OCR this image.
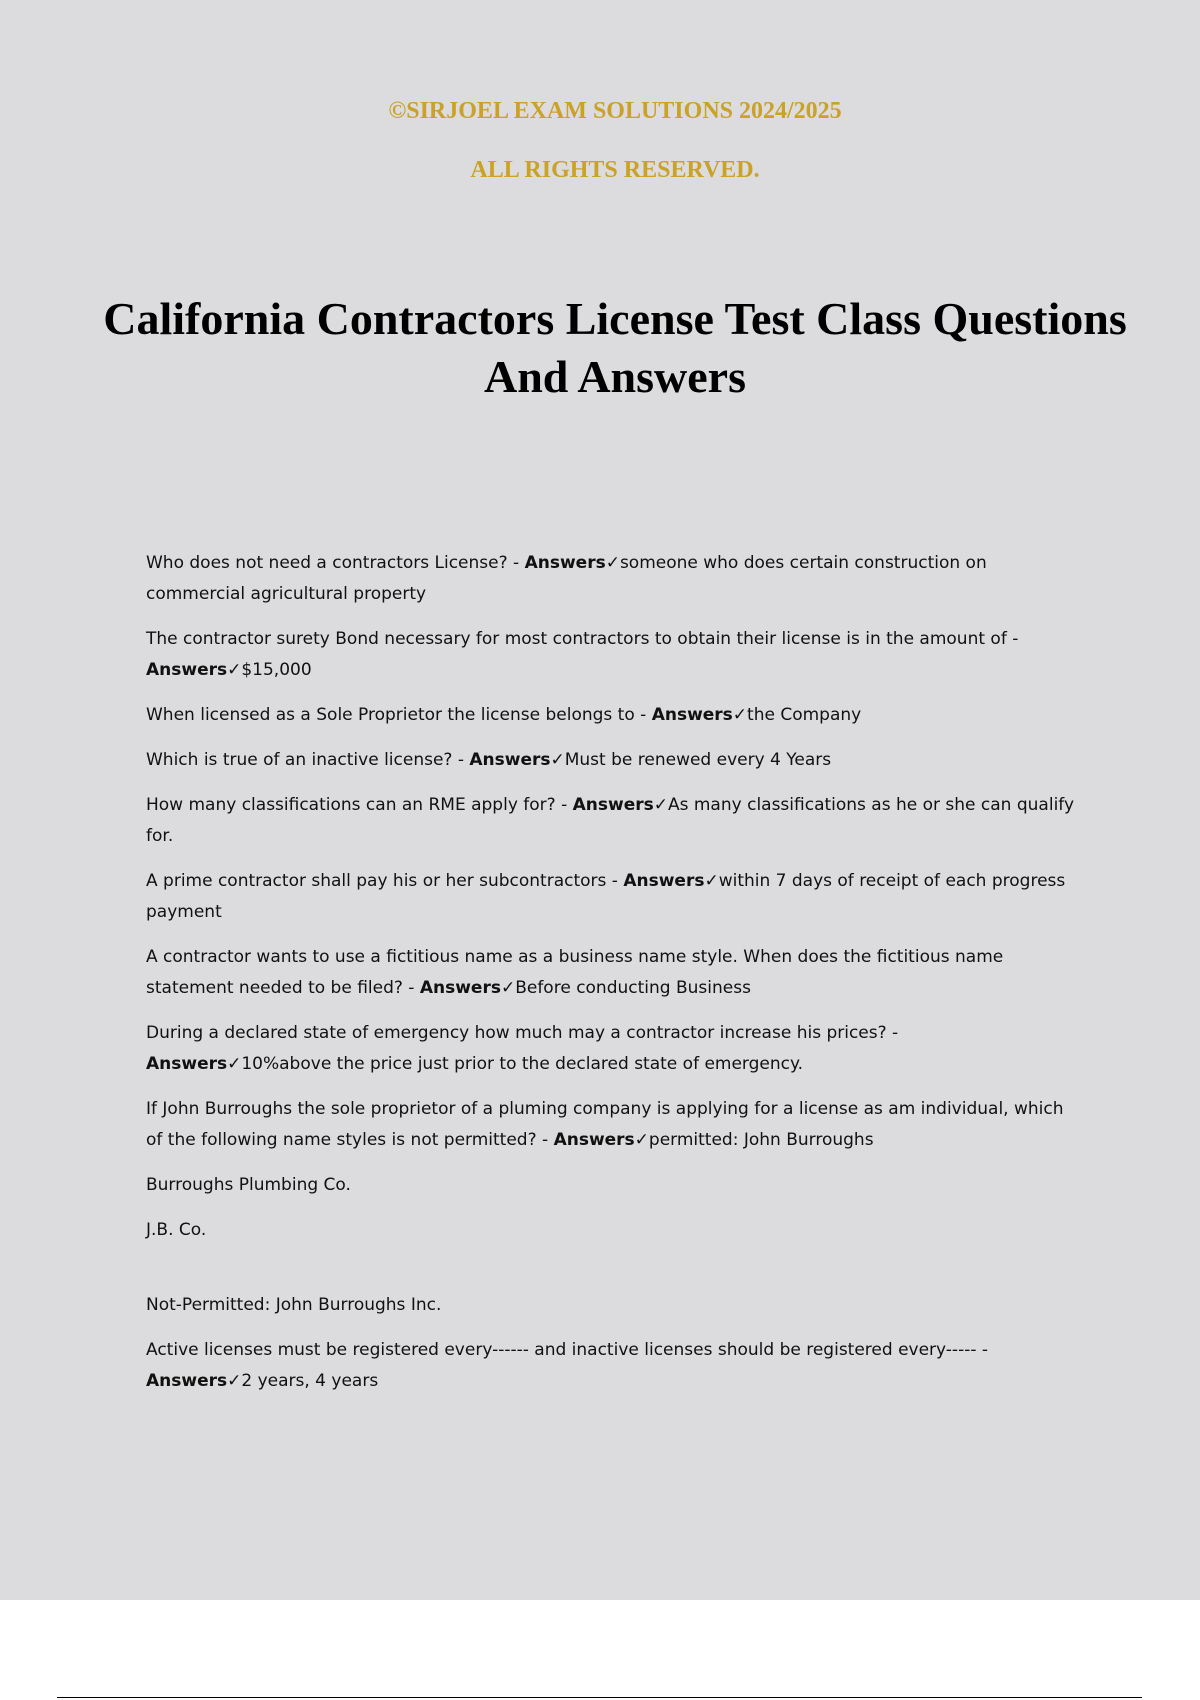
©SIRJOEL EXAM SOLUTIONS 2024/2025

ALL RIGHTS RESERVED.

California Contractors License Test Class Questions And Answers

Who does not need a contractors License? - Answers✓someone who does certain construction on commercial agricultural property

The contractor surety Bond necessary for most contractors to obtain their license is in the amount of - Answers✓$15,000

When licensed as a Sole Proprietor the license belongs to - Answers✓the Company

Which is true of an inactive license? - Answers✓Must be renewed every 4 Years

How many classifications can an RME apply for? - Answers✓As many classifications as he or she can qualify for.

A prime contractor shall pay his or her subcontractors - Answers✓within 7 days of receipt of each progress payment

A contractor wants to use a fictitious name as a business name style. When does the fictitious name statement needed to be filed? - Answers✓Before conducting Business

During a declared state of emergency how much may a contractor increase his prices? - Answers✓10%above the price just prior to the declared state of emergency.

If John Burroughs the sole proprietor of a pluming company is applying for a license as am individual, which of the following name styles is not permitted? - Answers✓permitted: John Burroughs

Burroughs Plumbing Co.

J.B. Co.

Not-Permitted: John Burroughs Inc.

Active licenses must be registered every------ and inactive licenses should be registered every----- - Answers✓2 years, 4 years
